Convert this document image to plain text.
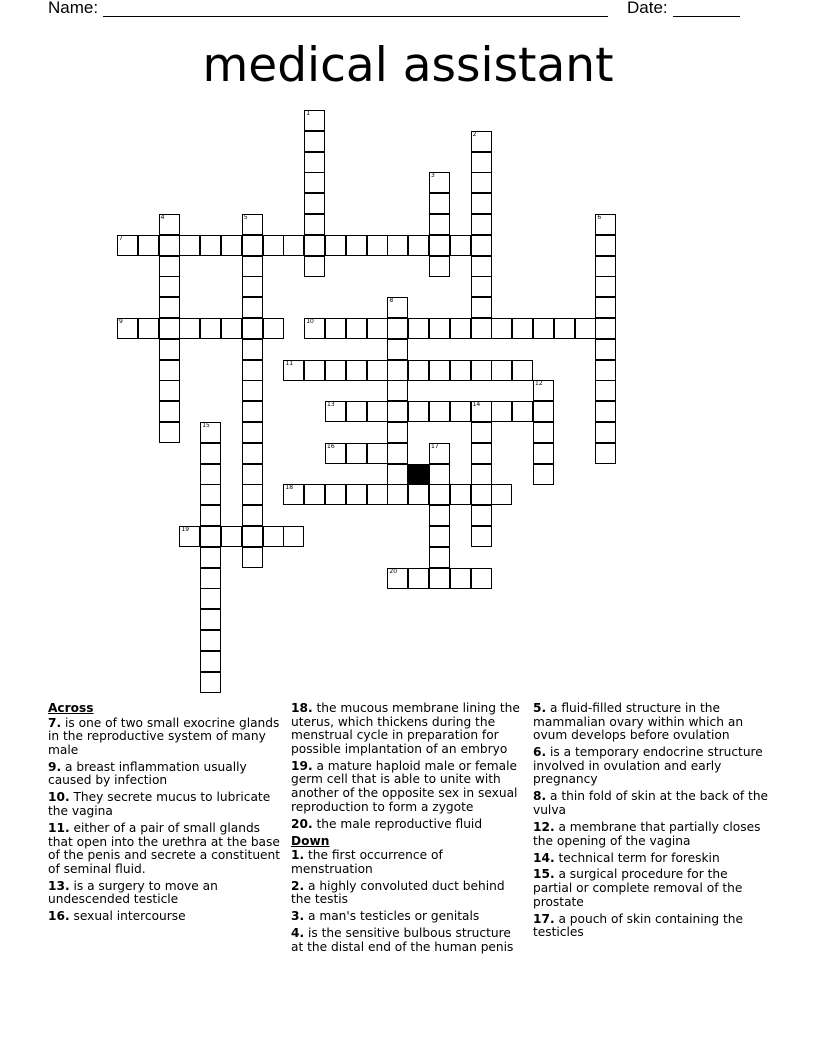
Name:	Date:
medical assistant
1
2
3
4	5	6
7
8
9	10
11
12
13	14
15
16	17
18
19
20
Across
7. is one of two small exocrine glands in the reproductive system of many male
9. a breast inflammation usually caused by infection
10. They secrete mucus to lubricate the vagina
11. either of a pair of small glands that open into the urethra at the base of the penis and secrete a constituent of seminal fluid.
13. is a surgery to move an undescended testicle
16. sexual intercourse
18. the mucous membrane lining the uterus, which thickens during the menstrual cycle in preparation for possible implantation of an embryo
19. a mature haploid male or female germ cell that is able to unite with another of the opposite sex in sexual reproduction to form a zygote
20. the male reproductive fluid
Down
1. the first occurrence of menstruation
2. a highly convoluted duct behind the testis
3. a man's testicles or genitals
4. is the sensitive bulbous structure at the distal end of the human penis
5. a fluid-filled structure in the mammalian ovary within which an ovum develops before ovulation
6. is a temporary endocrine structure involved in ovulation and early pregnancy
8. a thin fold of skin at the back of the vulva
12. a membrane that partially closes the opening of the vagina
14. technical term for foreskin
15. a surgical procedure for the partial or complete removal of the prostate
17. a pouch of skin containing the testicles
